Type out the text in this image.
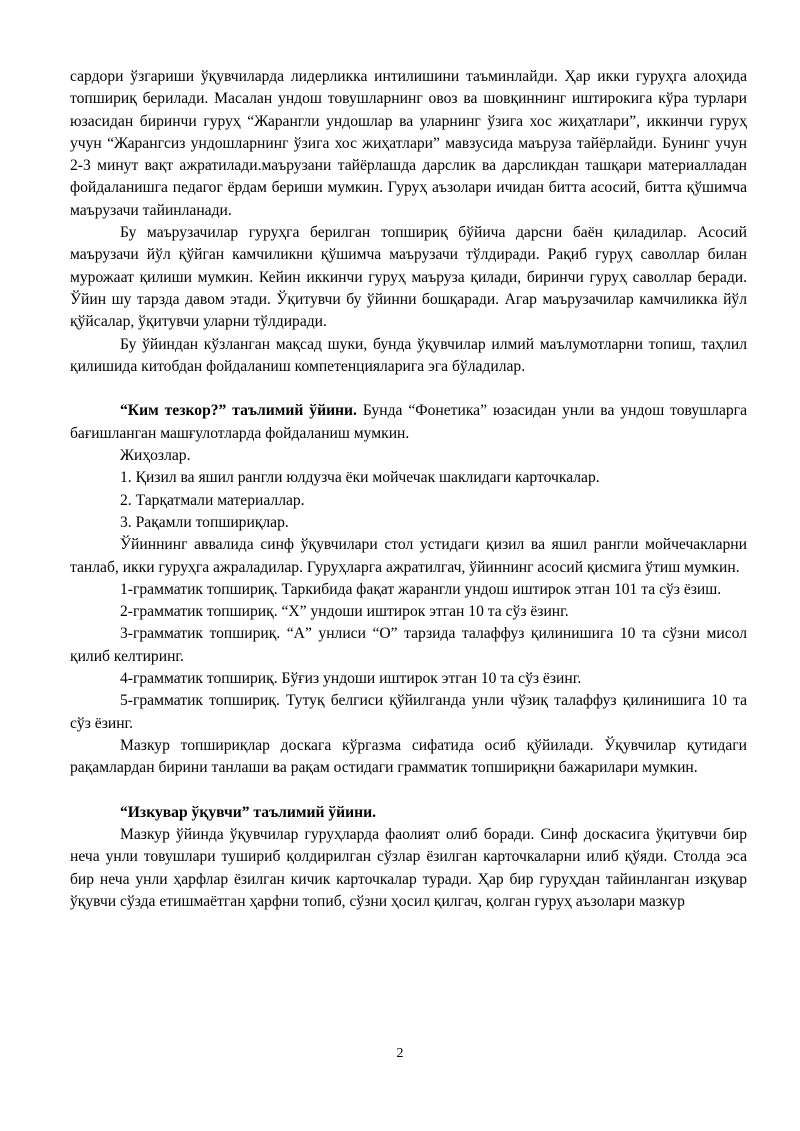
сардори ўзгариши ўқувчиларда лидерликка интилишини таъминлайди. Ҳар икки гуруҳга алоҳида топшириқ берилади. Масалан ундош товушларнинг овоз ва шовқиннинг иштирокига кўра турлари юзасидан биринчи гуруҳ “Жарангли ундошлар ва уларнинг ўзига хос жиҳатлари”, иккинчи гуруҳ учун “Жарангсиз ундошларнинг ўзига хос жиҳатлари” мавзусида маъруза тайёрлайди. Бунинг учун 2-3 минут вақт ажратилади.маърузани тайёрлашда дарслик ва дарсликдан ташқари материалладан фойдаланишга педагог ёрдам бериши мумкин. Гуруҳ аъзолари ичидан битта асосий, битта қўшимча маърузачи тайинланади.

Бу маърузачилар гуруҳга берилган топшириқ бўйича дарсни баён қиладилар. Асосий маърузачи йўл қўйган камчиликни қўшимча маърузачи тўлдиради. Рақиб гуруҳ саволлар билан мурожаат қилиши мумкин. Кейин иккинчи гуруҳ маъруза қилади, биринчи гуруҳ саволлар беради. Ўйин шу тарзда давом этади. Ўқитувчи бу ўйинни бошқаради. Агар маърузачилар камчиликка йўл қўйсалар, ўқитувчи уларни тўлдиради.

Бу ўйиндан кўзланган мақсад шуки, бунда ўқувчилар илмий маълумотларни топиш, таҳлил қилишида китобдан фойдаланиш компетенцияларига эга бўладилар.

“Ким тезкор?” таълимий ўйини. Бунда “Фонетика” юзасидан унли ва ундош товушларга бағишланган машғулотларда фойдаланиш мумкин.

Жиҳозлар.

1. Қизил ва яшил рангли юлдузча ёки мойчечак шаклидаги карточкалар.

2. Тарқатмали материаллар.

3. Рақамли топшириқлар.

Ўйиннинг аввалида синф ўқувчилари стол устидаги қизил ва яшил рангли мойчечакларни танлаб, икки гуруҳга ажраладилар. Гуруҳларга ажратилгач, ўйиннинг асосий қисмига ўтиш мумкин.

1-грамматик топшириқ. Таркибида фақат жарангли ундош иштирок этган 101 та сўз ёзиш.

2-грамматик топшириқ. “Х” ундоши иштирок этган 10 та сўз ёзинг.

3-грамматик топшириқ. “А” унлиси “О” тарзида талаффуз қилинишига 10 та сўзни мисол қилиб келтиринг.

4-грамматик топшириқ. Бўғиз ундоши иштирок этган 10 та сўз ёзинг.

5-грамматик топшириқ. Тутуқ белгиси қўйилганда унли чўзиқ талаффуз қилинишига 10 та сўз ёзинг.

Мазкур топшириқлар доскага кўргазма сифатида осиб қўйилади. Ўқувчилар қутидаги рақамлардан бирини танлаши ва рақам остидаги грамматик топшириқни бажарилари мумкин.

“Изкувар ўқувчи” таълимий ўйини.

Мазкур ўйинда ўқувчилар гуруҳларда фаолият олиб боради. Синф доскасига ўқитувчи бир неча унли товушлари тушириб қолдирилган сўзлар ёзилган карточкаларни илиб қўяди. Столда эса бир неча унли ҳарфлар ёзилган кичик карточкалар туради. Ҳар бир гуруҳдан тайинланган изқувар ўқувчи сўзда етишмаётган ҳарфни топиб, сўзни ҳосил қилгач, қолган гуруҳ аъзолари мазкур

2
